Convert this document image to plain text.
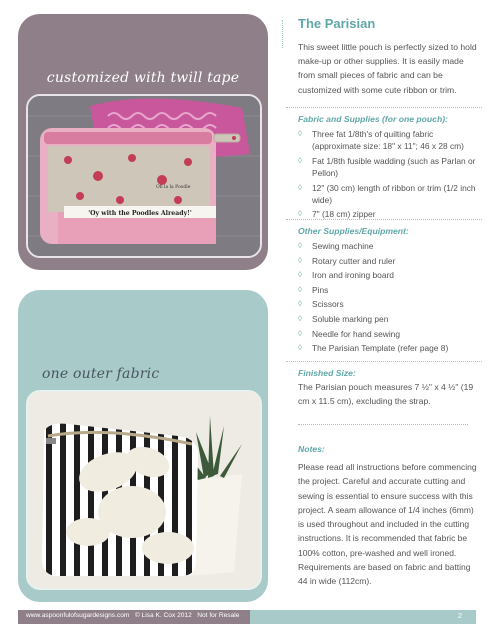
customized with twill tape
'Oy with the Poodles Already!'
Oh la la Poodle
one outer fabric
The Parisian
This sweet little pouch is perfectly sized to hold make-up or other supplies. It is easily made from small pieces of fabric and can be customized with some cute ribbon or trim.
Fabric and Supplies (for one pouch):
◊ Three fat 1/8th's of quilting fabric (approximate size: 18" x 11"; 46 x 28 cm)
◊ Fat 1/8th fusible wadding (such as Parlan or Pellon)
◊ 12" (30 cm) length of ribbon or trim (1/2 inch wide)
◊ 7" (18 cm) zipper
Other Supplies/Equipment:
◊ Sewing machine
◊ Rotary cutter and ruler
◊ Iron and ironing board
◊ Pins
◊ Scissors
◊ Soluble marking pen
◊ Needle for hand sewing
◊ The Parisian Template (refer page 8)
Finished Size:
The Parisian pouch measures 7 ½" x 4 ½" (19 cm x 11.5 cm), excluding the strap.
Notes:
Please read all instructions before commencing the project. Careful and accurate cutting and sewing is essential to ensure success with this project. A seam allowance of 1/4 inches (6mm) is used throughout and included in the cutting instructions. It is recommended that fabric be 100% cotton, pre-washed and well ironed. Requirements are based on fabric and batting 44 in wide (112cm).
www.aspoonfulofsugardesigns.com   © Lisa K. Cox 2012   Not for Resale	2
